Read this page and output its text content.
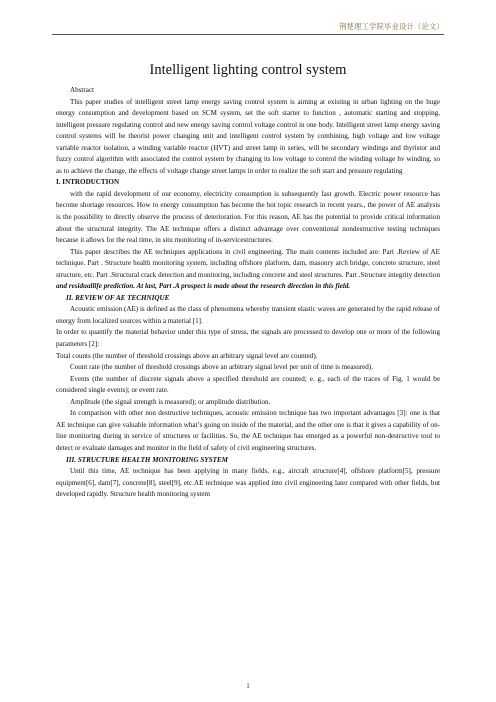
荆楚理工学院毕业设计（论文）
Intelligent lighting control system

Abstract

This paper studies of intelligent street lamp energy saving control system is aiming at existing in urban lighting on the huge energy consumption and development based on SCM system, set the soft starter to function , automatic starting and stopping, intelligent pressure regulating control and new energy saving control voltage control in one body. Intelligent street lamp energy saving control systems will be theorist power changing unit and intelligent control system by combining, high voltage and low voltage variable reactor isolation, a winding variable reactor (HVT) and street lamp in series, will be secondary windings and thyristor and fuzzy control algorithm with associated the control system by changing its low voltage to control the winding voltage hv winding, so as to achieve the change, the effects of voltage change street lamps in order to realize the soft start and pressure regulating

I. INTRODUCTION

with the rapid development of our economy, electricity consumption is subsequently fast growth. Electric power resource has become shortage resources. How to energy consumption has become the hot topic research in recent years., the power of AE analysis is the possibility to directly observe the process of deterioration. For this reason, AE has the potential to provide critical information about the structural integrity. The AE technique offers a distinct advantage over conventional nondestructive testing techniques because it allows for the real time, in situ monitoring of in-servicestructures.

This paper describes the AE techniques applications in civil engineering. The main contents included are: Part .Review of AE technique. Part . Structure health monitoring system, including offshore platform, dam, masonry arch bridge, concrete structure, steel structure, etc. Part .Structural crack detection and monitoring, including concrete and steel structures. Part .Structure integrity detection and residuallife prediction. At last, Part .A prospect is made about the research direction in this field.

II. REVIEW OF AE TECHNIQUE

Acoustic emission (AE) is defined as the class of phenomena whereby transient elastic waves are generated by the rapid release of energy from localized sources within a material [1].

In order to quantify the material behavior under this type of stress, the signals are processed to develop one or more of the following parameters [2]:

Total counts (the number of threshold crossings above an arbitrary signal level are counted).

Count rate (the number of threshold crossings above an arbitrary signal level per unit of time is measured).

Events (the number of discrete signals above a specified threshold are counted; e. g., each of the traces of Fig. 1 would be considered single events); or event rate.

Amplitude (the signal strength is measured); or amplitude distribution.

In comparison with other non destructive techniques, acoustic emission technique has two important advantages [3]: one is that AE technique can give valuable information what’s going on inside of the material, and the other one is that it gives a capability of on-line monitoring during in service of structures or facilities. So, the AE technique has emerged as a powerful non-destructive tool to detect or evaluate damages and monitor in the field of safety of civil engineering structures.

III. STRUCTURE HEALTH MONITORING SYSTEM

Until this time, AE technique has been applying in many fields, e.g., aircraft structure[4], offshore platform[5], pressure equipment[6], dam[7], concrete[8], steel[9], etc.AE technique was applied into civil engineering later compared with other fields, but developed rapidly. Structure health monitoring system

1
